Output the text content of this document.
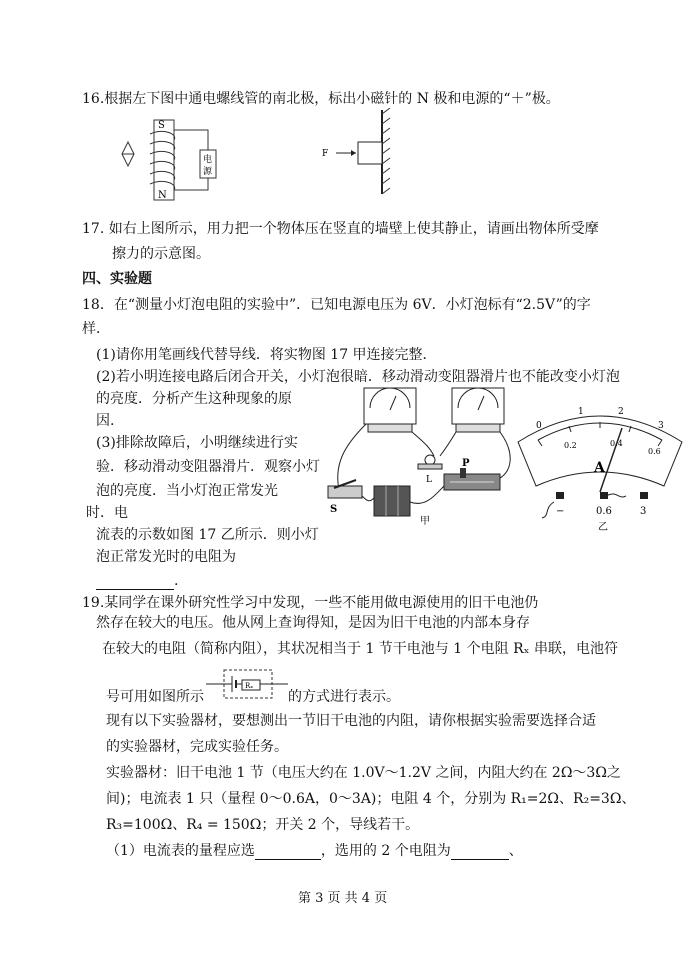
16.根据左下图中通电螺线管的南北极，标出小磁针的 N 极和电源的“＋”极。
S
N
电
源
F
17. 如右上图所示，用力把一个物体压在竖直的墙壁上使其静止，请画出物体所受摩
擦力的示意图。
四、实验题
18．在“测量小灯泡电阻的实验中”．已知电源电压为 6V．小灯泡标有“2.5V”的字
样．
(1)请你用笔画线代替导线．将实物图 17 甲连接完整．
(2)若小明连接电路后闭合开关，小灯泡很暗．移动滑动变阻器滑片也不能改变小灯泡
的亮度．分析产生这种现象的原
因.
(3)排除故障后，小明继续进行实
验．移动滑动变阻器滑片．观察小灯
泡的亮度．当小灯泡正常发光
时．电
流表的示数如图 17 乙所示．则小灯
泡正常发光时的电阻为
.
S
L
P
甲
0
1	2
3
0.2	0.4
0.6
A
−	0.6	3
乙
19.某同学在课外研究性学习中发现，一些不能用做电源使用的旧干电池仍
然存在较大的电压。他从网上查询得知，是因为旧干电池的内部本身存
在较大的电阻（简称内阻），其状况相当于 1 节干电池与 1 个电阻 Rₓ 串联，电池符
号可用如图所示
Rₓ
的方式进行表示。
现有以下实验器材，要想测出一节旧干电池的内阻，请你根据实验需要选择合适
的实验器材，完成实验任务。
实验器材：旧干电池 1 节（电压大约在 1.0V～1.2V 之间，内阻大约在 2Ω～3Ω之
间)；电流表 1 只（量程 0～0.6A，0～3A)；电阻 4 个，分别为 R₁=2Ω、R₂=3Ω、
R₃=100Ω、R₄ = 150Ω；开关 2 个，导线若干。
（1）电流表的量程应选	，选用的 2 个电阻为	、
第 3 页 共 4 页
